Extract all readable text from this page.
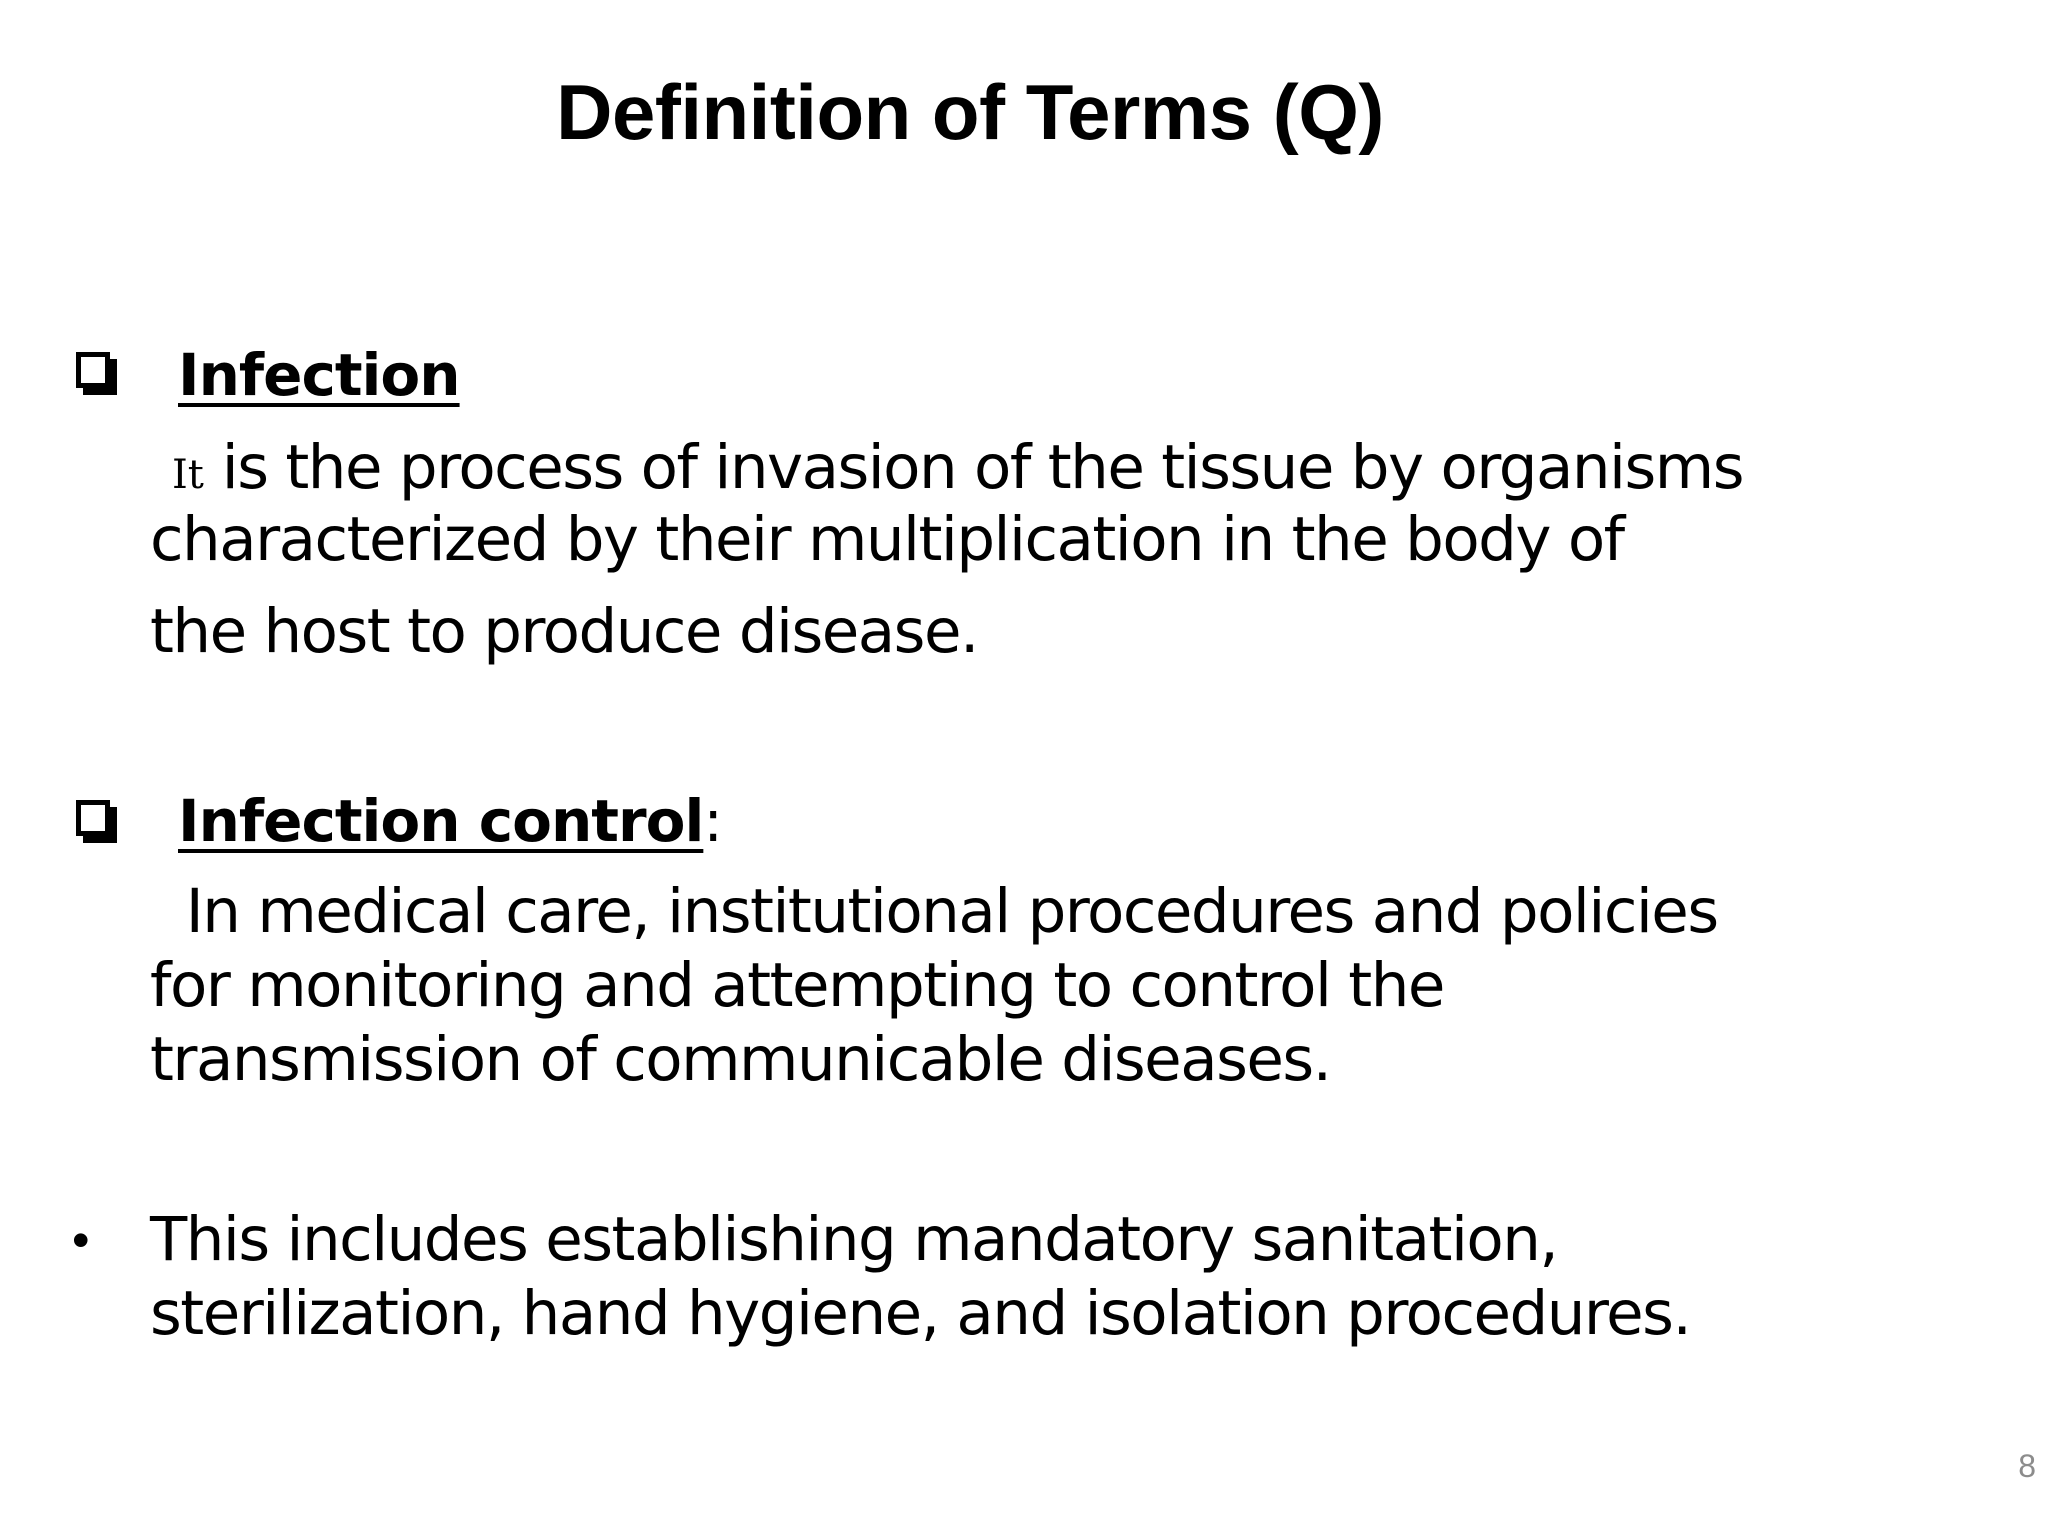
Definition of Terms (Q)
Infection
It is the process of invasion of the tissue by organisms
characterized by their multiplication in the body of
the host to produce disease.
Infection control:
In medical care, institutional procedures and policies
for monitoring and attempting to control the
transmission of communicable diseases.
• This includes establishing mandatory sanitation,
sterilization, hand hygiene, and isolation procedures.
8
